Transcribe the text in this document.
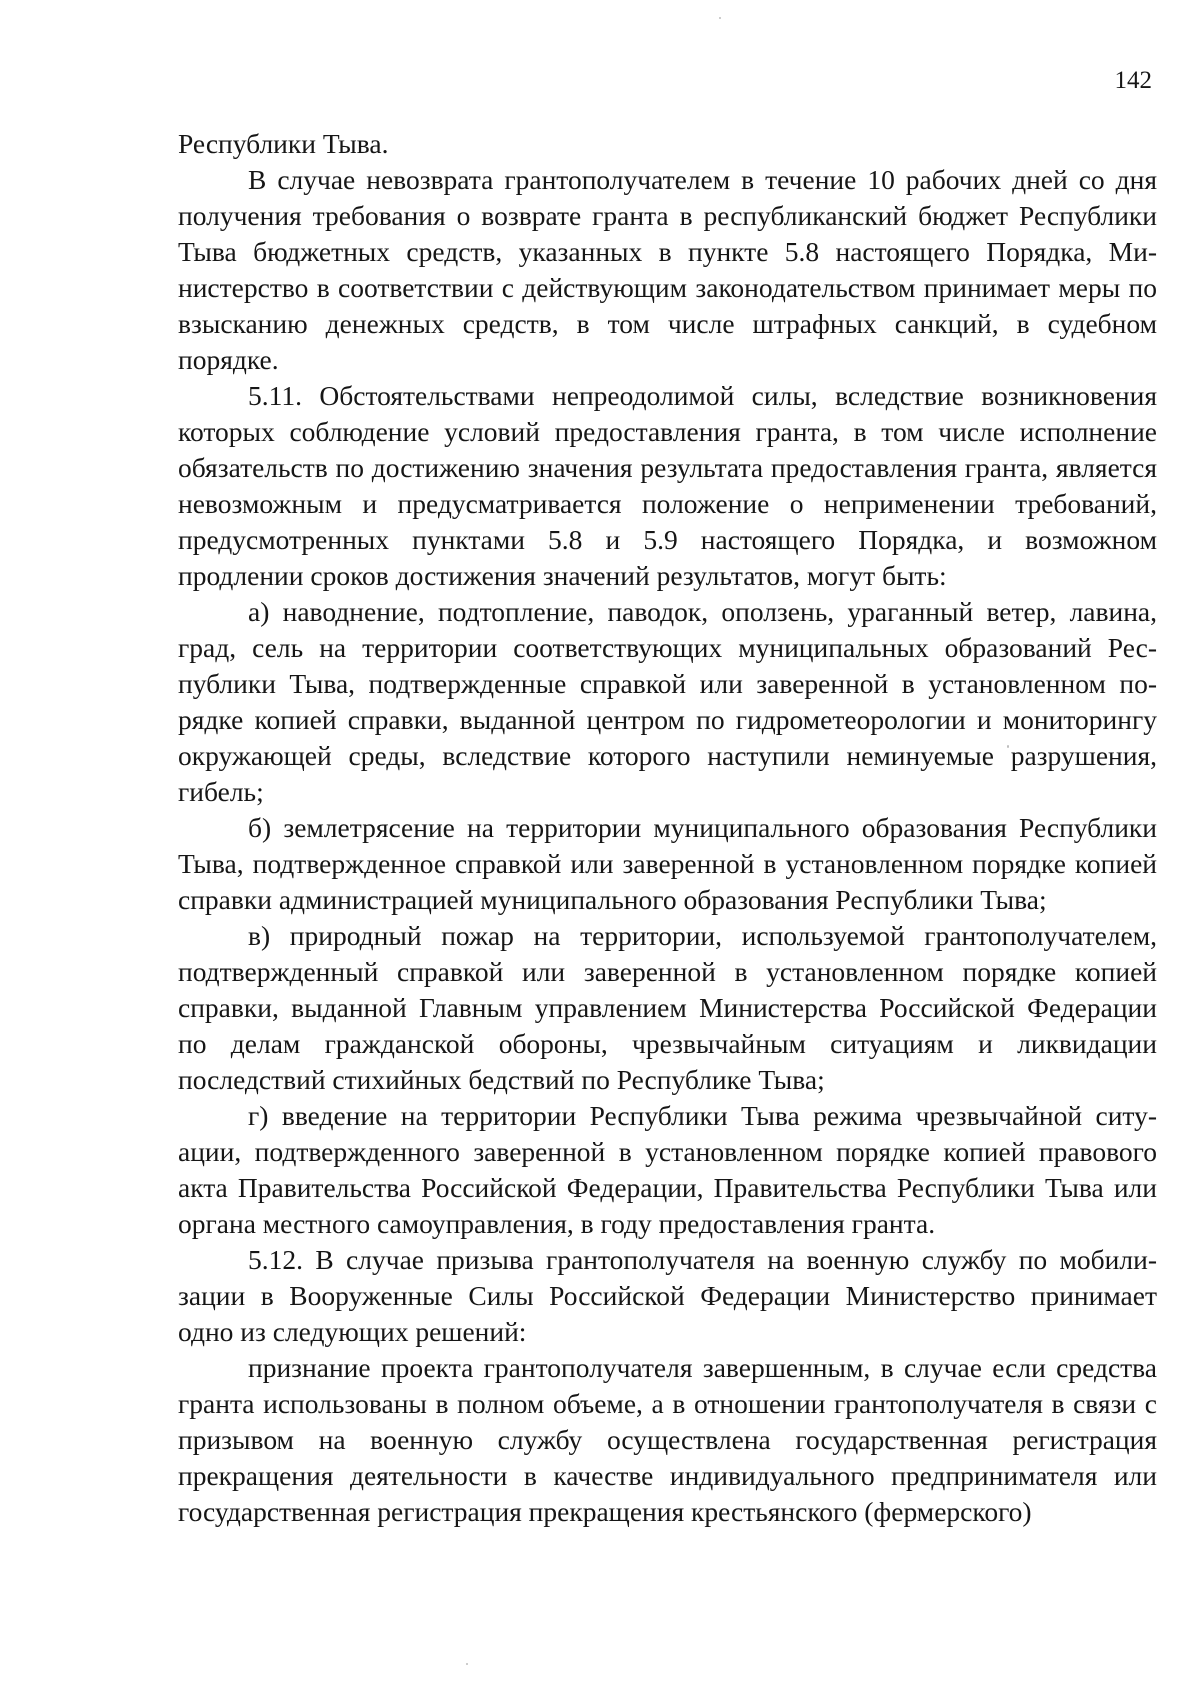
142

Республики Тыва.

В случае невозврата грантополучателем в течение 10 рабочих дней со дня получения требования о возврате гранта в республиканский бюджет Республики Тыва бюджетных средств, указанных в пункте 5.8 настоящего Порядка, Министерство в соответствии с действующим законодательством принимает меры по взысканию денежных средств, в том числе штрафных санкций, в судебном порядке.

5.11. Обстоятельствами непреодолимой силы, вследствие возникновения которых соблюдение условий предоставления гранта, в том числе исполнение обязательств по достижению значения результата предоставления гранта, является невозможным и предусматривается положение о неприменении требований, предусмотренных пунктами 5.8 и 5.9 настоящего Порядка, и возможном продлении сроков достижения значений результатов, могут быть:

а) наводнение, подтопление, паводок, оползень, ураганный ветер, лавина, град, сель на территории соответствующих муниципальных образований Республики Тыва, подтвержденные справкой или заверенной в установленном порядке копией справки, выданной центром по гидрометеорологии и мониторингу окружающей среды, вследствие которого наступили неминуемые разрушения, гибель;

б) землетрясение на территории муниципального образования Республики Тыва, подтвержденное справкой или заверенной в установленном порядке копией справки администрацией муниципального образования Республики Тыва;

в) природный пожар на территории, используемой грантополучателем, подтвержденный справкой или заверенной в установленном порядке копией справки, выданной Главным управлением Министерства Российской Федерации по делам гражданской обороны, чрезвычайным ситуациям и ликвидации последствий стихийных бедствий по Республике Тыва;

г) введение на территории Республики Тыва режима чрезвычайной ситуации, подтвержденного заверенной в установленном порядке копией правового акта Правительства Российской Федерации, Правительства Республики Тыва или органа местного самоуправления, в году предоставления гранта.

5.12. В случае призыва грантополучателя на военную службу по мобилизации в Вооруженные Силы Российской Федерации Министерство принимает одно из следующих решений:

признание проекта грантополучателя завершенным, в случае если средства гранта использованы в полном объеме, а в отношении грантополучателя в связи с призывом на военную службу осуществлена государственная регистрация прекращения деятельности в качестве индивидуального предпринимателя или государственная регистрация прекращения крестьянского (фермерского)
